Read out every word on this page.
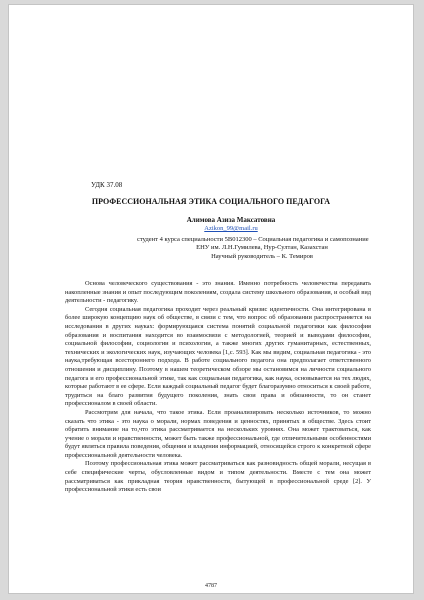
УДК 37.08
ПРОФЕССИОНАЛЬНАЯ ЭТИКА СОЦИАЛЬНОГО ПЕДАГОГА
Алимова Азиза Максатовна
Azikon_99@mail.ru
студент 4 курса специальности 5В012300 – Социальная педагогика и самопознание
ЕНУ им. Л.Н.Гумилева, Нур-Султан, Казахстан
Научный руководитель – К. Темиров

Основа человеческого существования - это знания. Именно потребность человечества передавать накопленные знания и опыт последующим поколениям, создала систему школьного образования, и особый вид деятельности - педагогику.

Сегодня социальная педагогика проходит через реальный кризис идентичности. Она интегрирована в более широкую концепцию наук об обществе, в связи с тем, что вопрос об образовании распространяется на исследования в других науках: формирующаяся система понятий социальной педагогики как философия образования и воспитания находится во взаимосвязи с методологией, теорией и выводами философии, социальной философии, социологии и психологии, а также многих других гуманитарных, естественных, технических и экологических наук, изучающих человека [1,c. 593]. Как мы видим, социальная педагогика - это наука,требующая всестороннего подхода. В работе социального педагога она предполагает ответственного отношения и дисциплину. Поэтому в нашем теоретическом обзоре мы остановимся на личности социального педагога и его профессиональной этике, так как социальная педагогика, как наука, основывается на тех людях, которые работают в ее сфере. Если каждый социальный педагог будет благоразумно относиться к своей работе, трудиться на благо развития будущего поколения, знать свои права и обязанности, то он станет профессионалом в своей области.

Рассмотрим для начала, что такое этика. Если проанализировать несколько источников, то можно сказать что этика - это наука о морали, нормах поведения и ценностях, принятых в обществе. Здесь стоит обратить внимание на то,что этика рассматривается на нескольких уровнях. Она может трактоваться, как учение о морали и нравственности, может быть также профессиональной, где отличительными особенностями будут являться правила поведения, общения и владения информацией, относящейся строго к конкретной сфере профессиональной деятельности человека.

Поэтому профессиональная этика может рассматриваться как разновидность общей морали, несущая в себе специфические черты, обусловленные видом и типом деятельности. Вместе с тем она может рассматриваться как прикладная теория нравственности, бытующей в профессиональной среде [2]. У профессиональной этики есть свои

4787
